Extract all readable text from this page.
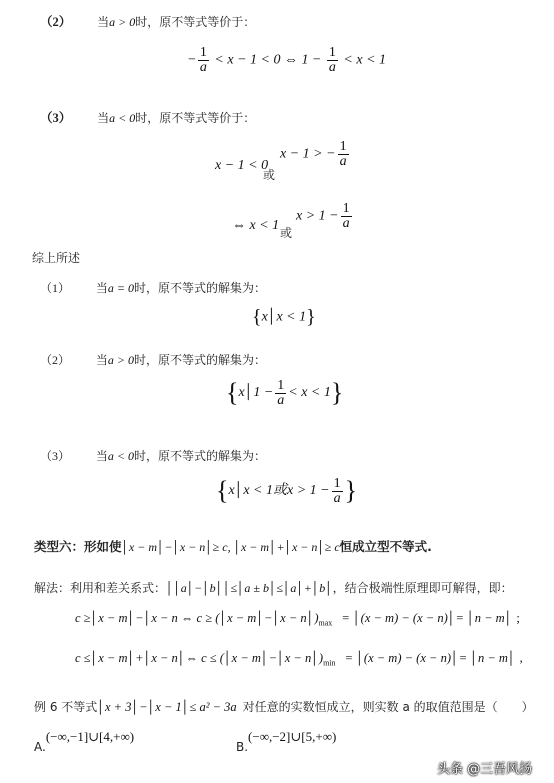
（2） 当a > 0时，原不等式等价于：
− $\frac{1}{a} < x - 1 < 0$ ⇔ $1 - \frac{1}{a} < x < 1$
（3） 当a < 0时，原不等式等价于：
x − 1 < 0
或
x − 1 > − $\frac{1}{a}$
⇔ x < 1 或
$x > 1 - \frac{1}{a}$
综上所述
（1） 当a = 0时，原不等式的解集为：
{x│x < 1}
（2） 当a > 0时，原不等式的解集为：
{x│1 − $\frac{1}{a} < x < 1$}
（3） 当a < 0时，原不等式的解集为：
{x│x < 1或$x > 1 - \frac{1}{a}$ }
类型六：形如使│x − m│−│x − n│≥ c, │x − m│+│x − n│≥ c恒成立型不等式.
解法：利用和差关系式：││a│−│b││≤│a ± b│≤│a│+│b│，结合极端性原理即可解得，即：
c ≥│x − m│−│x − n ⇔ c ≥ (│x − m│−│x − $n│)_{max}$ = │(x − m) − (x − n)│= │n − m│ ;
c ≤│x − m│+│x − n│⇔ c ≤ (│x − m│−│x − $n│)_{min}$ = │(x − m) − (x − n)│= │n − m│ ,
例 6 不等式│x + 3│−│x − 1│≤ a² − 3a 对任意的实数恒成立，则实数 a 的取值范围是（　　）
$_{A.}$(−∞,−1]∪[4,+∞)
$_{B.}$(−∞,−2]∪[5,+∞)
头条 @三吾风扬
